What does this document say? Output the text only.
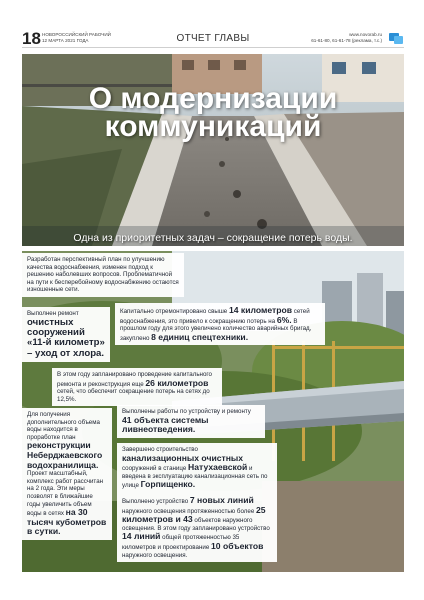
18 НОВОРОССИЙСКИЙ РАБОЧИЙ
12 МАРТА 2021 ГОДА	ОТЧЕТ ГЛАВЫ	www.novorab.ru
61-61-80, 61-61-78 (реклама, т.с.)
О модернизации
коммуникаций
Одна из приоритетных задач – сокращение потерь воды.
Разработан перспективный план по улучшению качества водоснабжения, изменен подход к решению наболевших вопросов. Проблематичной на пути к бесперебойному водоснабжению остаются изношенные сети.
Выполнен ремонт
очистных сооружений «11-й километр» – уход от хлора.
Капитально отремонтировано свыше 14 километров сетей водоснабжения, это привело к сокращению потерь на 6%. В прошлом году для этого увеличено количество аварийных бригад, закуплено 8 единиц спецтехники.
В этом году запланировано проведение капитального ремонта и реконструкция еще 26 километров сетей, что обеспечит сокращение потерь на сетях до 12,5%.
Для получения дополнительного объема воды находится в проработке план реконструкции Неберджаевского водохранилища. Проект масштабный, комплекс работ рассчитан на 2 года. Эти меры позволят в ближайшие годы увеличить объем воды в сетях на 30 тысяч кубометров в сутки.
Выполнены работы по устройству и ремонту 41 объекта системы ливнеотведения.
Завершено строительство канализационных очистных сооружений в станице Натухаевской и введена в эксплуатацию канализационная сеть по улице Горпищенко.
Выполнено устройство 7 новых линий наружного освещения протяженностью более 25 километров и 43 объектов наружного освещения. В этом году запланировано устройство 14 линий общей протяженностью 35 километров и проектирование 10 объектов наружного освещения.
